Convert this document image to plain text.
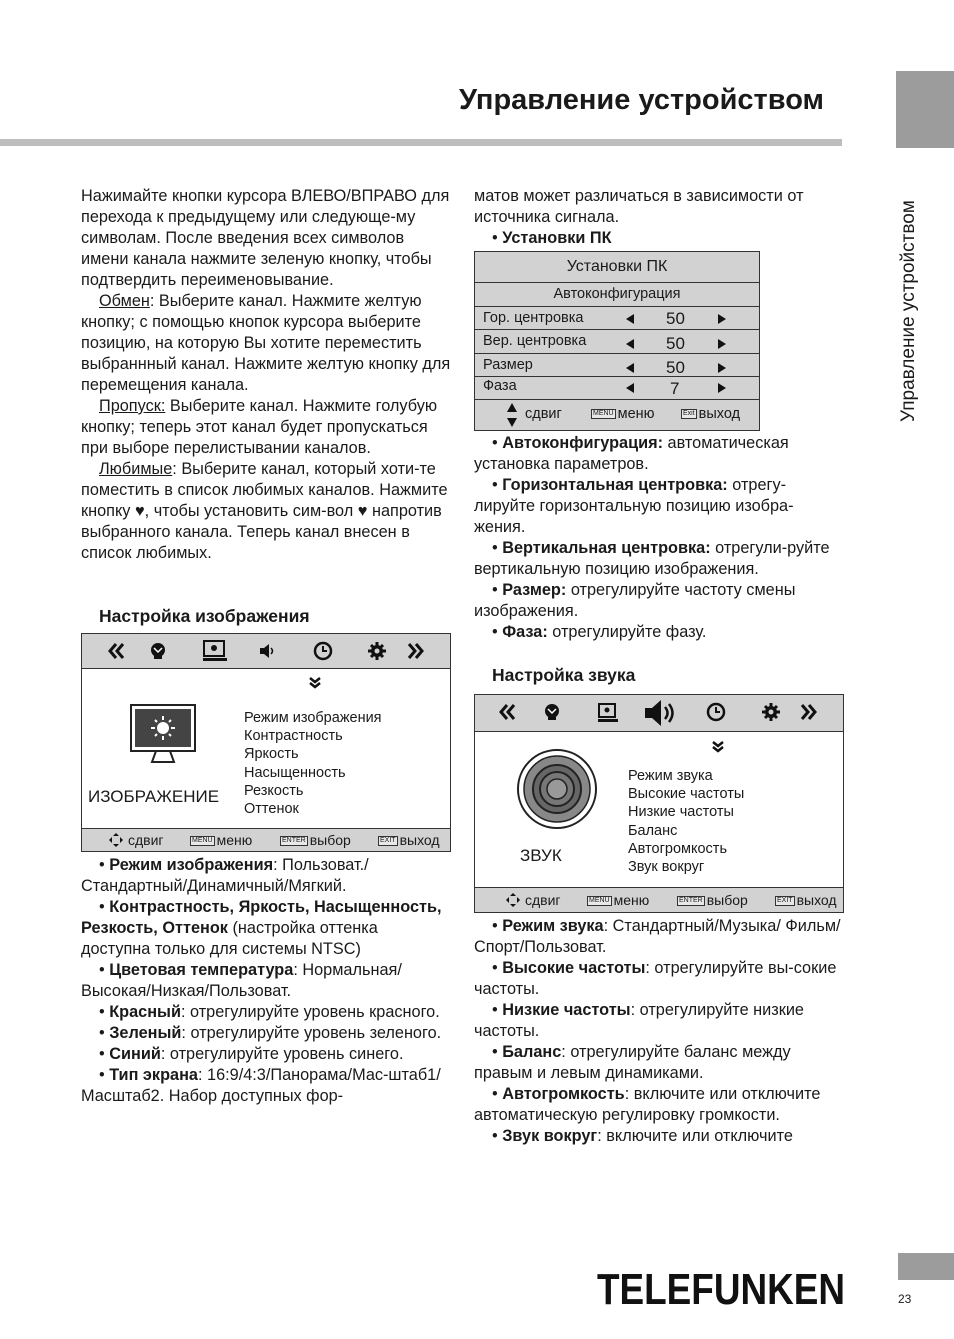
Управление устройством
Управление устройством

Нажимайте кнопки курсора ВЛЕВО/ВПРАВО для перехода к предыдущему или следующе-му символам. После введения всех символов имени канала нажмите зеленую кнопку, чтобы подтвердить переименовывание.

Обмен: Выберите канал. Нажмите желтую кнопку; с помощью кнопок курсора выберите позицию, на которую Вы хотите переместить выбраннный канал. Нажмите желтую кнопку для перемещения канала.

Пропуск: Выберите канал. Нажмите голубую кнопку; теперь этот канал будет пропускаться при выборе перелистывании каналов.

Любимые: Выберите канал, который хоти-те поместить в список любимых каналов. Нажмите кнопку ♥, чтобы установить сим-вол ♥ напротив выбранного канала. Теперь канал внесен в список любимых.

Настройка изображения
ИЗОБРАЖЕНИЕ
Режим изображения
Контрастность
Яркость
Насыщенность
Резкость
Оттенок
сдвиг	MENU меню	ENTER выбор	EXIT выход

• Режим изображения: Пользоват./ Стандартный/Динамичный/Мягкий.

• Контрастность, Яркость, Насыщенность, Резкость, Оттенок (настройка оттенка доступна только для системы NTSC)

• Цветовая температура: Нормальная/ Высокая/Низкая/Пользоват.

• Красный: отрегулируйте уровень красного.

• Зеленый: отрегулируйте уровень зеленого.

• Синий: отрегулируйте уровень синего.

• Тип экрана: 16:9/4:3/Панорама/Мас-штаб1/Масштаб2. Набор доступных фор-

матов может различаться в зависимости от источника сигнала.

• Установки ПК

Установки ПК
Автоконфигурация
Гор. центровка	50
Вер. центровка	50
Размер	50
Фаза	7
сдвиг	MENU меню	Exit выход

• Автоконфигурация: автоматическая установка параметров.

• Горизонтальная центровка: отрегу-лируйте горизонтальную позицию изобра-жения.

• Вертикальная центровка: отрегули-руйте вертикальную позицию изображения.

• Размер: отрегулируйте частоту смены изображения.

• Фаза: отрегулируйте фазу.

Настройка звука
ЗВУК
Режим звука
Высокие частоты
Низкие частоты
Баланс
Автогромкость
Звук вокруг
сдвиг	MENU меню	ENTER выбор	EXIT выход

• Режим звука: Стандартный/Музыка/ Фильм/Спорт/Пользоват.

• Высокие частоты: отрегулируйте вы-сокие частоты.

• Низкие частоты: отрегулируйте низкие частоты.

• Баланс: отрегулируйте баланс между правым и левым динамиками.

• Автогромкость: включите или отключите автоматическую регулировку громкости.

• Звук вокруг: включите или отключите

TELEFUNKEN	23
